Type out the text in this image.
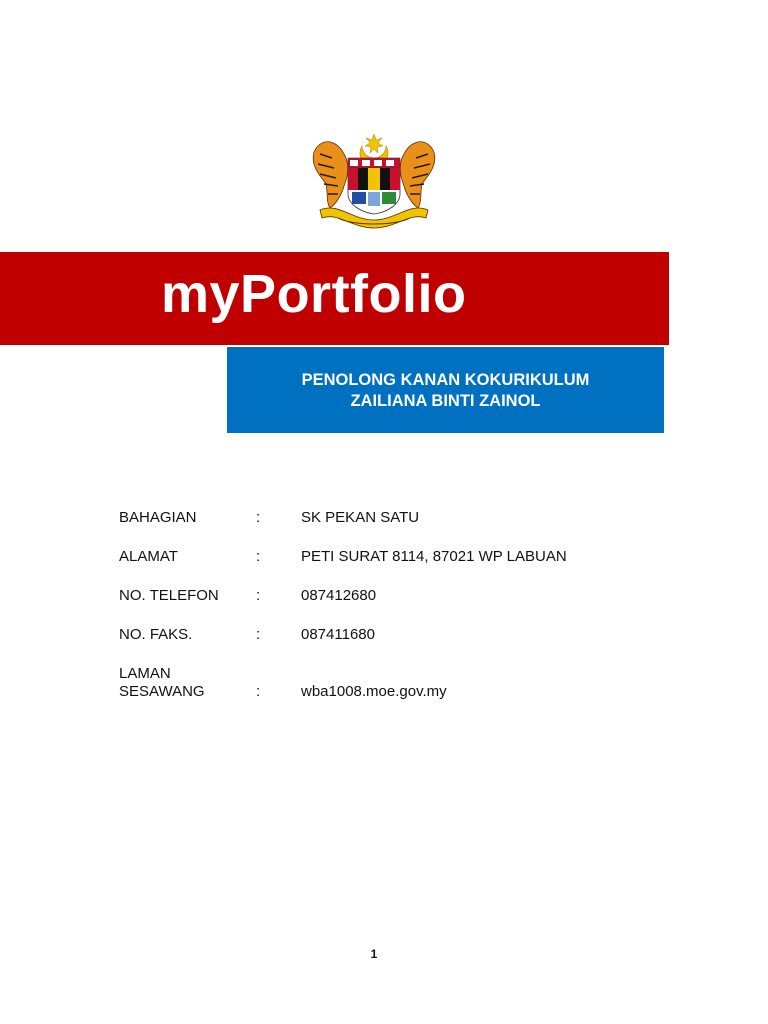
myPortfolio
PENOLONG KANAN KOKURIKULUM
ZAILIANA BINTI ZAINOL
BAHAGIAN	:	SK PEKAN SATU
ALAMAT	:	PETI SURAT 8114, 87021 WP LABUAN
NO. TELEFON :	087412680
NO. FAKS.	:	087411680
LAMAN
SESAWANG	:	wba1008.moe.gov.my
1
